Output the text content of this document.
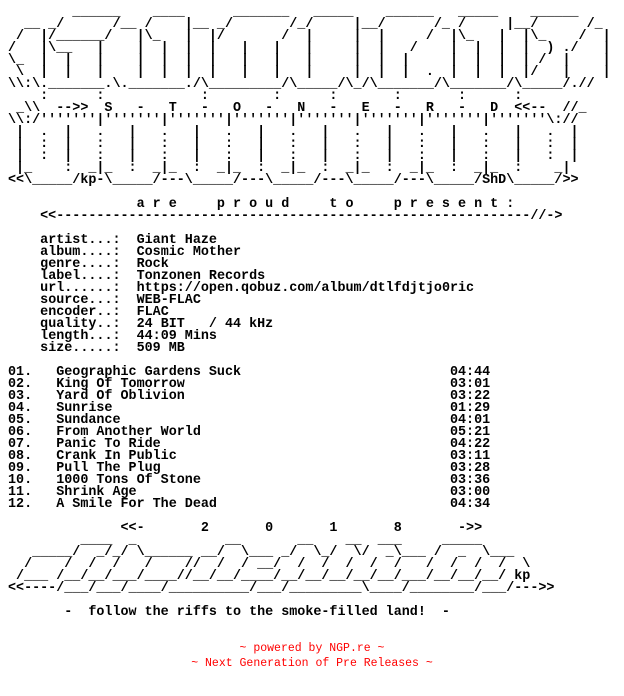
______    ____      _______   _____    ______   _____    ______
__ _/      /__ /    |__ _/       /_/     |__/      /_ /     |__/      /_
/  |/______/   |\_   |  |/       /  |     |  |     /  |\_   |  |\_    /  |
/   |\__   |    |  |  |  |   |   |   |     |  |   /    |  |  |  |  ) ./   |
\_  |  |   |    |  |  |  |   |   |   |     |  |  |     |  |  |  | /  |    |
\  |  |   |    |  |  |  |   |   |   |     |  |  |  .  |  |  |  |/   |    |
\\:\._______.\._______./\_________/\_____/\_/\_______/\_______/\_____/.//
:      :            :        :      :       :       :      :
_\\  -->>  S   -   T   -   O   -   N   -   E   -   R   -   D  <<--  //_
\\:/'''''''|'''''''|'''''''|'''''''|'''''''|'''''''|'''''''|'''''''\://
|  .  |   .   |   .   |   .   |   .   |   .   |   .   |   .   |   .  |
|  :  |   :   |   :   |   :   |   :   |   :   |   :   |   :   |   :  |
|  :  |   :   |   :   |   :   |   :   |   :   |   :   |   :   |   :  |
|_    :  _|_  :  _|_  :  _|_  :  _|_  :  _|_  :  _|_  :  _|_  :    _|
<<\_____/kp-\_____/---\_____/---\_____/---\_____/---\_____/ShD\_____/>>

a r e     p r o u d     t o     p r e s e n t :
<<-----------------------------------------------------------//->

artist...:  Giant Haze
album....:  Cosmic Mother
genre....:  Rock
label....:  Tonzonen Records
url......:  https://open.qobuz.com/album/dtlfdjtjo0ric
source...:  WEB-FLAC
encoder..:  FLAC
quality..:  24 BIT   / 44 kHz
length...:  44:09 Mins
size.....:  509 MB

01.   Geographic Gardens Suck                          04:44
02.   King Of Tomorrow                                 03:01
03.   Yard Of Oblivion                                 03:22
04.   Sunrise                                          01:29
05.   Sundance                                         04:01
06.   From Another World                               05:21
07.   Panic To Ride                                    04:22
08.   Crank In Public                                  03:11
09.   Pull The Plug                                    03:28
10.   1000 Tons Of Stone                               03:36
11.   Shrink Age                                       03:00
12.   A Smile For The Dead                             04:34

<<-       2       0       1       8       ->>
____  _           __       __    __  ___     _____
_____/  _/_/ \______ __/  \___ _/  \_/  \/  _\___ /  _  \___
/    /  /  /   /    //  /  / __/  /  /  /  /  /   /  /  /  /  \
/___ /__/__/___/____//__/__/____/__/__/__/__/__/___/__/__/__/ kp
<<----/___/___/____/__________/___/_________\____/________/___/--->>

-  follow the riffs to the smoke-filled land!  -
~ powered by NGP.re ~
~ Next Generation of Pre Releases ~
